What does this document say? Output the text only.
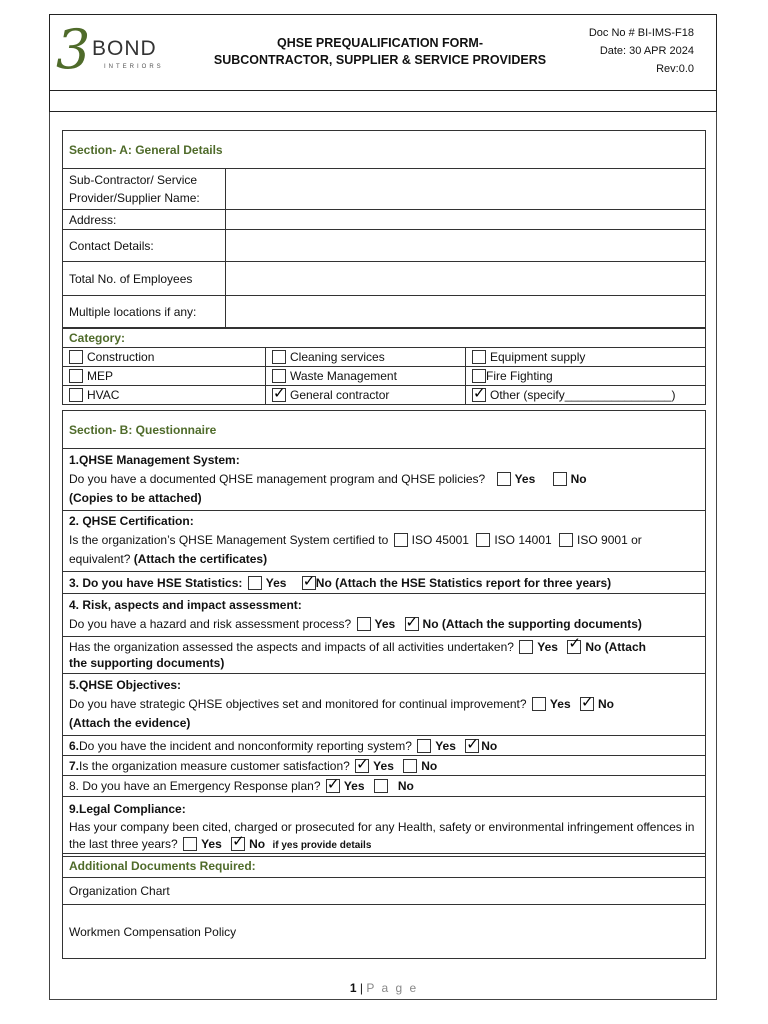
3 BOND
INTERIORS
QHSE PREQUALIFICATION FORM-
SUBCONTRACTOR, SUPPLIER & SERVICE PROVIDERS
Doc No # BI-IMS-F18
Date: 30 APR 2024
Rev:0.0
Section- A: General Details	
Sub-Contractor/ Service Provider/Supplier Name:	
Address:	
Contact Details:	
Total No. of Employees	
Multiple locations if any:	
Category:		
Construction	Cleaning services	Equipment supply
MEP	Waste Management	Fire Fighting
HVAC	✓General contractor	✓Other (specify________________)
Section- B: Questionnaire

1.QHSE Management System:
Do you have a documented QHSE management program and QHSE policies? Yes	No
(Copies to be attached)

2. QHSE Certification:
Is the organization’s QHSE Management System certified to ISO 45001 ISO 14001 ISO 9001 or
equivalent? (Attach the certificates)

3. Do you have HSE Statistics: Yes ✓ No (Attach the HSE Statistics report for three years)

4. Risk, aspects and impact assessment:
Do you have a hazard and risk assessment process? Yes ✓ No (Attach the supporting documents)

Has the organization assessed the aspects and impacts of all activities undertaken? Yes ✓ No (Attach
the supporting documents)

5.QHSE Objectives:
Do you have strategic QHSE objectives set and monitored for continual improvement? Yes ✓ No
(Attach the evidence)

6.Do you have the incident and nonconformity reporting system? Yes ✓ No
7.Is the organization measure customer satisfaction? ✓ Yes No
8. Do you have an Emergency Response plan? ✓ Yes	No

9.Legal Compliance:
Has your company been cited, charged or prosecuted for any Health, safety or environmental infringement offences in the last three years? Yes ✓ No if yes provide details
Additional Documents Required:
Organization Chart
Workmen Compensation Policy
1 | P a g e
